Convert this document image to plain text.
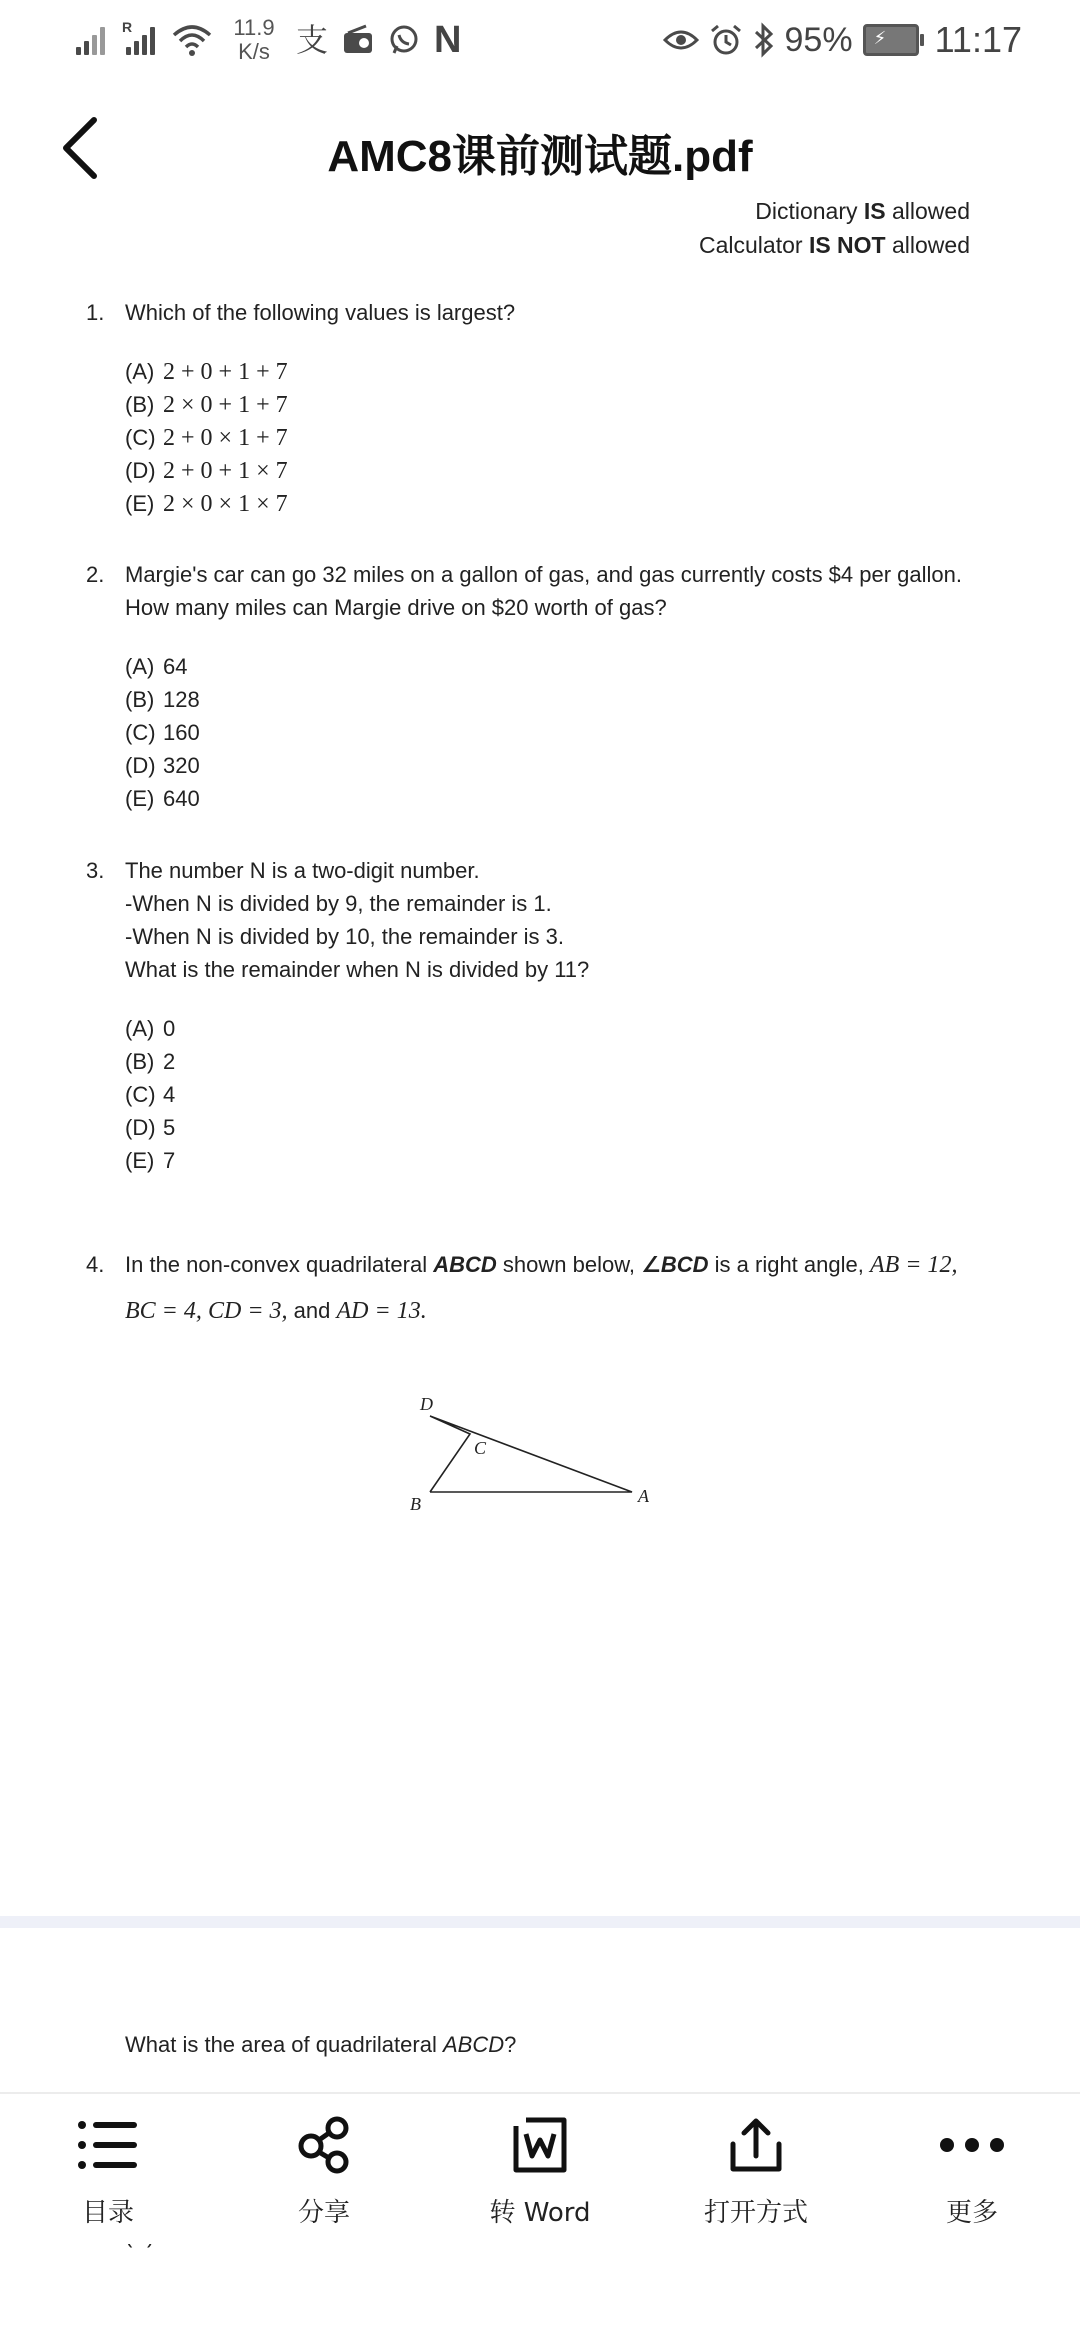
R	11.9
K/s 支	N	95% ⚡ 11:17
AMC8课前测试题.pdf
Dictionary IS allowed
Calculator IS NOT allowed
1. Which of the following values is largest?
(A) 2 + 0 + 1 + 7
(B) 2 × 0 + 1 + 7
(C) 2 + 0 × 1 + 7
(D) 2 + 0 + 1 × 7
(E) 2 × 0 × 1 × 7
2. Margie's car can go 32 miles on a gallon of gas, and gas currently costs $4 per gallon.
How many miles can Margie drive on $20 worth of gas?
(A) 64
(B) 128
(C) 160
(D) 320
(E) 640
3. The number N is a two-digit number.
-When N is divided by 9, the remainder is 1.
-When N is divided by 10, the remainder is 3.
What is the remainder when N is divided by 11?
(A) 0
(B) 2
(C) 4
(D) 5
(E) 7
4. In the non-convex quadrilateral ABCD shown below, ∠BCD is a right angle, AB = 12,
BC = 4, CD = 3, and AD = 13.
D
C
B	A
What is the area of quadrilateral ABCD?
目录	分享	转 Word	打开方式	更多
